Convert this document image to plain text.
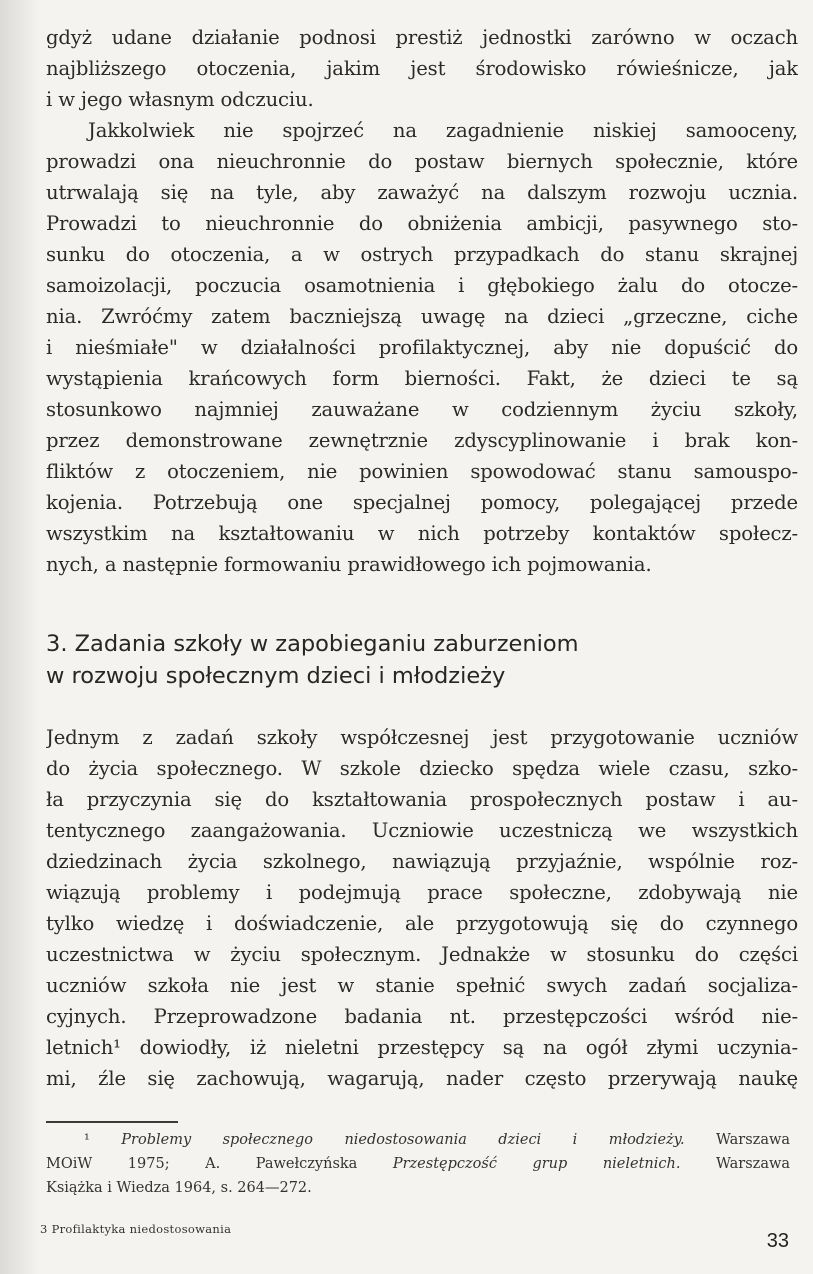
gdyż udane działanie podnosi prestiż jednostki zarówno w oczach
najbliższego otoczenia, jakim jest środowisko rówieśnicze, jak
i w jego własnym odczuciu.
Jakkolwiek nie spojrzeć na zagadnienie niskiej samooceny,
prowadzi ona nieuchronnie do postaw biernych społecznie, które
utrwalają się na tyle, aby zaważyć na dalszym rozwoju ucznia.
Prowadzi to nieuchronnie do obniżenia ambicji, pasywnego sto-
sunku do otoczenia, a w ostrych przypadkach do stanu skrajnej
samoizolacji, poczucia osamotnienia i głębokiego żalu do otocze-
nia. Zwróćmy zatem baczniejszą uwagę na dzieci „grzeczne, ciche
i nieśmiałe" w działalności profilaktycznej, aby nie dopuścić do
wystąpienia krańcowych form bierności. Fakt, że dzieci te są
stosunkowo najmniej zauważane w codziennym życiu szkoły,
przez demonstrowane zewnętrznie zdyscyplinowanie i brak kon-
fliktów z otoczeniem, nie powinien spowodować stanu samouspo-
kojenia. Potrzebują one specjalnej pomocy, polegającej przede
wszystkim na kształtowaniu w nich potrzeby kontaktów społecz-
nych, a następnie formowaniu prawidłowego ich pojmowania.
3. Zadania szkoły w zapobieganiu zaburzeniom
w rozwoju społecznym dzieci i młodzieży
Jednym z zadań szkoły współczesnej jest przygotowanie uczniów
do życia społecznego. W szkole dziecko spędza wiele czasu, szko-
ła przyczynia się do kształtowania prospołecznych postaw i au-
tentycznego zaangażowania. Uczniowie uczestniczą we wszystkich
dziedzinach życia szkolnego, nawiązują przyjaźnie, wspólnie roz-
wiązują problemy i podejmują prace społeczne, zdobywają nie
tylko wiedzę i doświadczenie, ale przygotowują się do czynnego
uczestnictwa w życiu społecznym. Jednakże w stosunku do części
uczniów szkoła nie jest w stanie spełnić swych zadań socjaliza-
cyjnych. Przeprowadzone badania nt. przestępczości wśród nie-
letnich¹ dowiodły, iż nieletni przestępcy są na ogół złymi uczynia-
mi, źle się zachowują, wagarują, nader często przerywają naukę
¹ Problemy społecznego niedostosowania dzieci i młodzieży. Warszawa
MOiW 1975; A. Pawełczyńska Przestępczość grup nieletnich. Warszawa
Książka i Wiedza 1964, s. 264—272.
3 Profilaktyka niedostosowania
33
